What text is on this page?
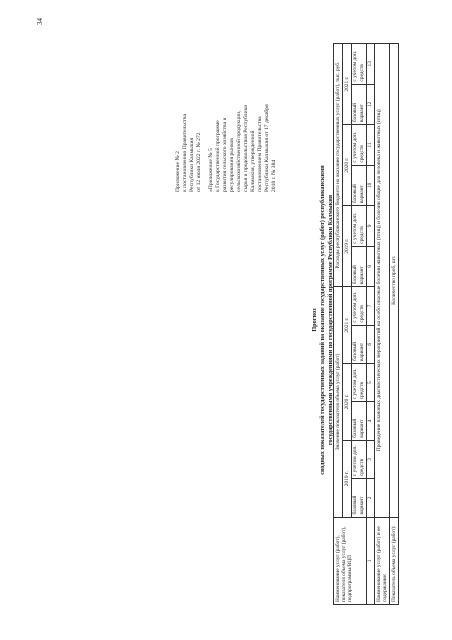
34
Приложение № 2 к постановлению Правительства Республики Калмыкия от 12 июля 2022 г. № 272 «Приложение № 5 к Государственной программе развития сельского хозяйства и регулирования рынков сельскохозяйственной продукции, сырья и продовольствия Республики Калмыкия, утвержденной постановлением Правительства Республики Калмыкия от 17 декабря 2018 г. № 384
Прогноз сводных показателей государственных заданий на оказание государственных услуг (работ) республиканскими государственными учреждениями по государственной программе Республики Калмыкия
Наименование услуг (работ), показателя объема услуг (работ), подпрограммы/ВЦП	Значение показателя объема услуг (работ)						Расходы республиканского бюджета на оказание государственных услуг (работ), тыс. руб.					
	2019 г.		2020 г.		2021 г.		2019 г.		2020 г.		2021 г.	
	базовый вариант	с учетом доп. средств	базовый вариант	с учетом доп. средств	базовый вариант	с учетом доп. средств	базовый вариант	с учетом доп. средств	базовый вариант	с учетом доп. средств	базовый вариант	с учетом доп. средств
1	2	3	4	5	6	7	8	9	10	11	12	13
Наименование услуг (работ) и ее содержание:	Проведение плановых диагностических мероприятий на особо опасные болезни животных (птиц) и болезни общие для человека и животных (птиц)											
Показатель объема услуг (работ):	Количество проб, шт.											
